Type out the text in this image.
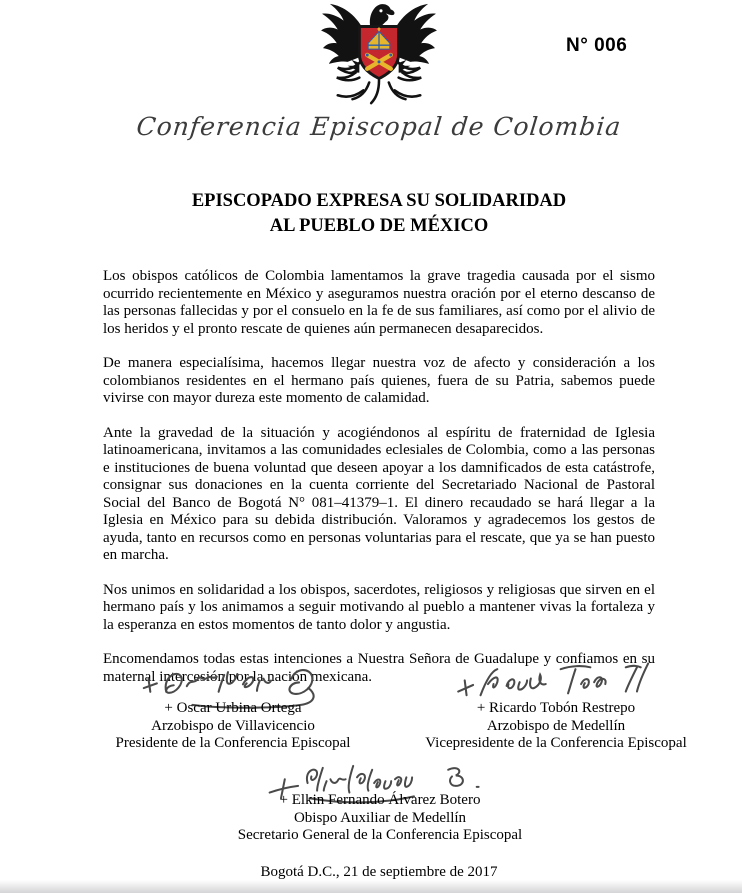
N° 006
Conferencia Episcopal de Colombia
EPISCOPADO EXPRESA SU SOLIDARIDAD
AL PUEBLO DE MÉXICO

Los obispos católicos de Colombia lamentamos la grave tragedia causada por el sismo ocurrido recientemente en México y aseguramos nuestra oración por el eterno descanso de las personas fallecidas y por el consuelo en la fe de sus familiares, así como por el alivio de los heridos y el pronto rescate de quienes aún permanecen desaparecidos.

De manera especialísima, hacemos llegar nuestra voz de afecto y consideración a los colombianos residentes en el hermano país quienes, fuera de su Patria, sabemos puede vivirse con mayor dureza este momento de calamidad.

Ante la gravedad de la situación y acogiéndonos al espíritu de fraternidad de Iglesia latinoamericana, invitamos a las comunidades eclesiales de Colombia, como a las personas e instituciones de buena voluntad que deseen apoyar a los damnificados de esta catástrofe, consignar sus donaciones en la cuenta corriente del Secretariado Nacional de Pastoral Social del Banco de Bogotá N° 081–41379–1. El dinero recaudado se hará llegar a la Iglesia en México para su debida distribución. Valoramos y agradecemos los gestos de ayuda, tanto en recursos como en personas voluntarias para el rescate, que ya se han puesto en marcha.

Nos unimos en solidaridad a los obispos, sacerdotes, religiosos y religiosas que sirven en el hermano país y los animamos a seguir motivando al pueblo a mantener vivas la fortaleza y la esperanza en estos momentos de tanto dolor y angustia.

Encomendamos todas estas intenciones a Nuestra Señora de Guadalupe y confiamos en su maternal intercesión por la nación mexicana.

+ Oscar Urbina Ortega
Arzobispo de Villavicencio
Presidente de la Conferencia Episcopal
+ Ricardo Tobón Restrepo
Arzobispo de Medellín
Vicepresidente de la Conferencia Episcopal
+ Elkin Fernando Álvarez Botero
Obispo Auxiliar de Medellín
Secretario General de la Conferencia Episcopal
Bogotá D.C., 21 de septiembre de 2017
